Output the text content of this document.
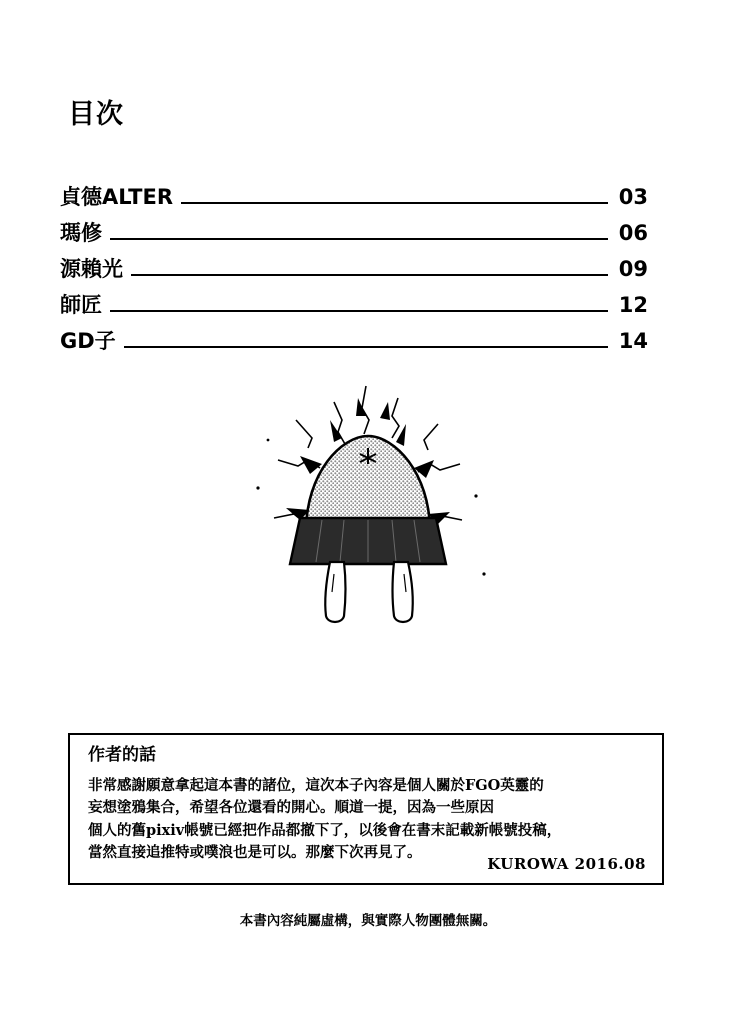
目次
貞德ALTER	03
瑪修	06
源賴光	09
師匠	12
GD子	14
作者的話

非常感謝願意拿起這本書的諸位，這次本子內容是個人關於FGO英靈的

妄想塗鴉集合，希望各位還看的開心。順道一提，因為一些原因

個人的舊pixiv帳號已經把作品都撤下了，以後會在書末記載新帳號投稿，

當然直接追推特或噗浪也是可以。那麼下次再見了。

KUROWA 2016.08
本書內容純屬虛構，與實際人物團體無關。
